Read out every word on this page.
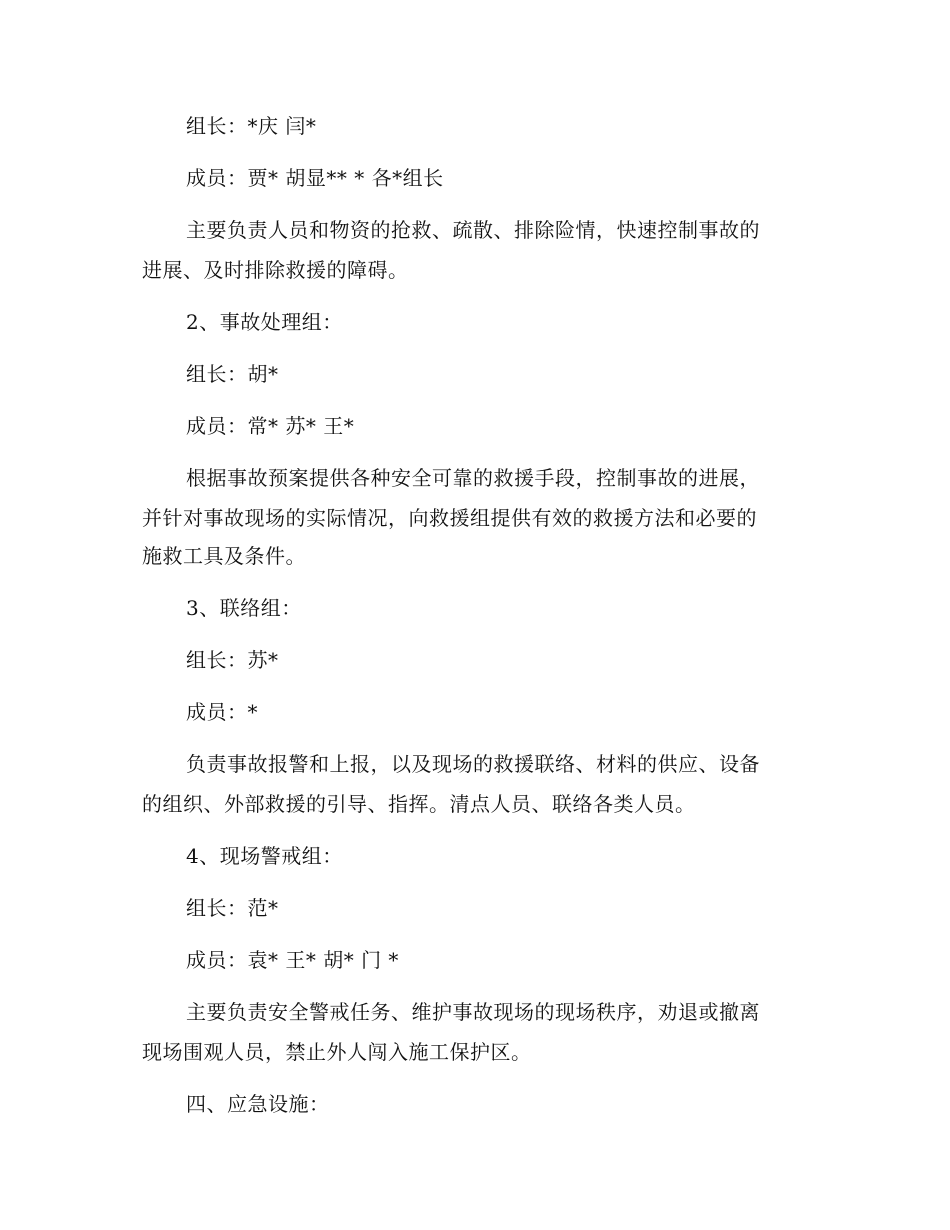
组长：*庆 闫*
成员：贾* 胡显** * 各*组长
主要负责人员和物资的抢救、疏散、排除险情，快速控制事故的
进展、及时排除救援的障碍。
2、事故处理组：
组长：胡*
成员：常* 苏* 王*
根据事故预案提供各种安全可靠的救援手段，控制事故的进展，
并针对事故现场的实际情况，向救援组提供有效的救援方法和必要的
施救工具及条件。
3、联络组：
组长：苏*
成员：*
负责事故报警和上报，以及现场的救援联络、材料的供应、设备
的组织、外部救援的引导、指挥。清点人员、联络各类人员。
4、现场警戒组：
组长：范*
成员：袁* 王* 胡* 门 *
主要负责安全警戒任务、维护事故现场的现场秩序，劝退或撤离
现场围观人员，禁止外人闯入施工保护区。
四、应急设施：
